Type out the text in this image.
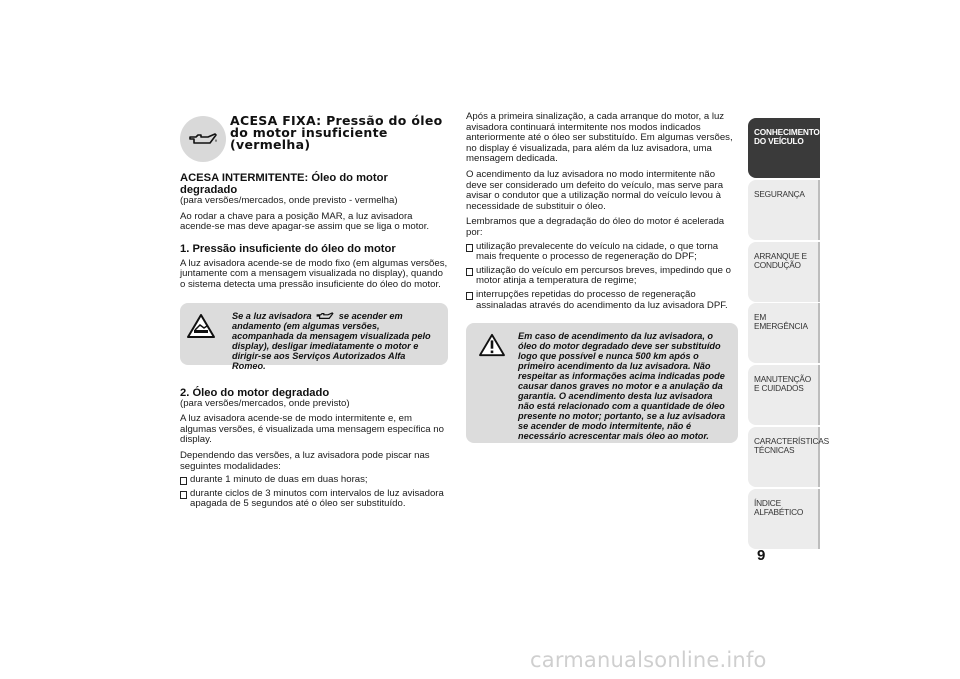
ACESA FIXA: Pressão do óleo do motor insuficiente (vermelha)
ACESA INTERMITENTE: Óleo do motor degradado

(para versões/mercados, onde previsto - vermelha)

Ao rodar a chave para a posição MAR, a luz avisadora acende-se mas deve apagar-se assim que se liga o motor.

1. Pressão insuficiente do óleo do motor

A luz avisadora acende-se de modo fixo (em algumas versões, juntamente com a mensagem visualizada no display), quando o sistema detecta uma pressão insuficiente do óleo do motor.

Se a luz avisadora	se acender em andamento (em algumas versões, acompanhada da mensagem visualizada pelo display), desligar imediatamente o motor e dirigir-se aos Serviços Autorizados Alfa Romeo.
2. Óleo do motor degradado

(para versões/mercados, onde previsto)

A luz avisadora acende-se de modo intermitente e, em algumas versões, é visualizada uma mensagem específica no display.

Dependendo das versões, a luz avisadora pode piscar nas seguintes modalidades:

durante 1 minuto de duas em duas horas;
durante ciclos de 3 minutos com intervalos de luz avisadora apagada de 5 segundos até o óleo ser substituído.

Após a primeira sinalização, a cada arranque do motor, a luz avisadora continuará intermitente nos modos indicados anteriormente até o óleo ser substituído. Em algumas versões, no display é visualizada, para além da luz avisadora, uma mensagem dedicada.

O acendimento da luz avisadora no modo intermitente não deve ser considerado um defeito do veículo, mas serve para avisar o condutor que a utilização normal do veículo levou à necessidade de substituir o óleo.

Lembramos que a degradação do óleo do motor é acelerada por:

utilização prevalecente do veículo na cidade, o que torna mais frequente o processo de regeneração do DPF;
utilização do veículo em percursos breves, impedindo que o motor atinja a temperatura de regime;
interrupções repetidas do processo de regeneração assinaladas através do acendimento da luz avisadora DPF.
Em caso de acendimento da luz avisadora, o óleo do motor degradado deve ser substituído logo que possível e nunca 500 km após o primeiro acendimento da luz avisadora. Não respeitar as informações acima indicadas pode causar danos graves no motor e a anulação da garantia. O acendimento desta luz avisadora não está relacionado com a quantidade de óleo presente no motor; portanto, se a luz avisadora se acender de modo intermitente, não é necessário acrescentar mais óleo ao motor.
CONHECIMENTO DO VEÍCULO
SEGURANÇA
ARRANQUE E CONDUÇÃO
EM EMERGÊNCIA
MANUTENÇÃO E CUIDADOS
CARACTERÍSTICAS TÉCNICAS
ÍNDICE ALFABÉTICO
9
carmanualsonline.info
